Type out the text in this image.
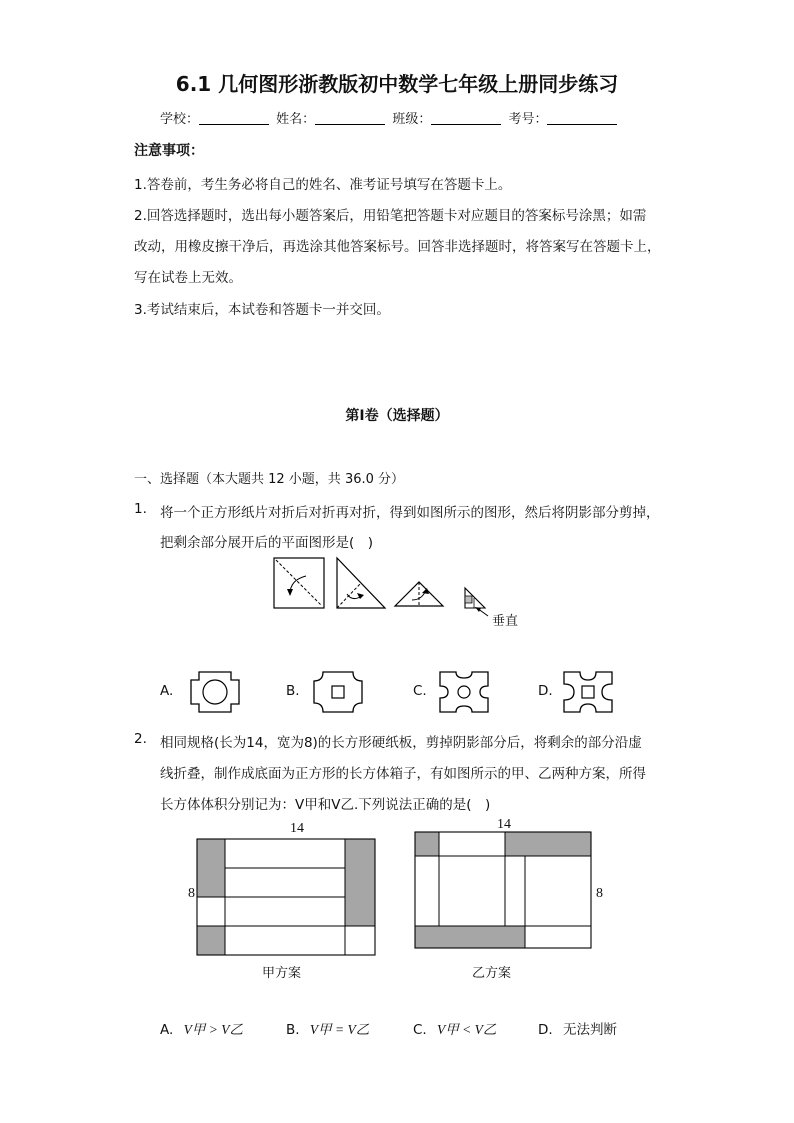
6.1 几何图形浙教版初中数学七年级上册同步练习
学校：	姓名：	班级：	考号：
注意事项：
1.答卷前，考生务必将自己的姓名、准考证号填写在答题卡上。
2.回答选择题时，选出每小题答案后，用铅笔把答题卡对应题目的答案标号涂黑；如需
改动，用橡皮擦干净后，再选涂其他答案标号。回答非选择题时，将答案写在答题卡上，
写在试卷上无效。
3.考试结束后，本试卷和答题卡一并交回。
第Ⅰ卷（选择题）
一、选择题（本大题共 12 小题，共 36.0 分）
1. 将一个正方形纸片对折后对折再对折，得到如图所示的图形，然后将阴影部分剪掉，
把剩余部分展开后的平面图形是(　)
垂直
A.	B.	C.	D.
2. 相同规格(长为14，宽为8)的长方形硬纸板，剪掉阴影部分后，将剩余的部分沿虚
线折叠，制作成底面为正方形的长方体箱子，有如图所示的甲、乙两种方案，所得
长方体体积分别记为：V甲和V乙.下列说法正确的是(　)
14
8
甲方案
14
8
乙方案
A. V甲 > V乙	B. V甲 = V乙	C. V甲 < V乙	D. 无法判断
